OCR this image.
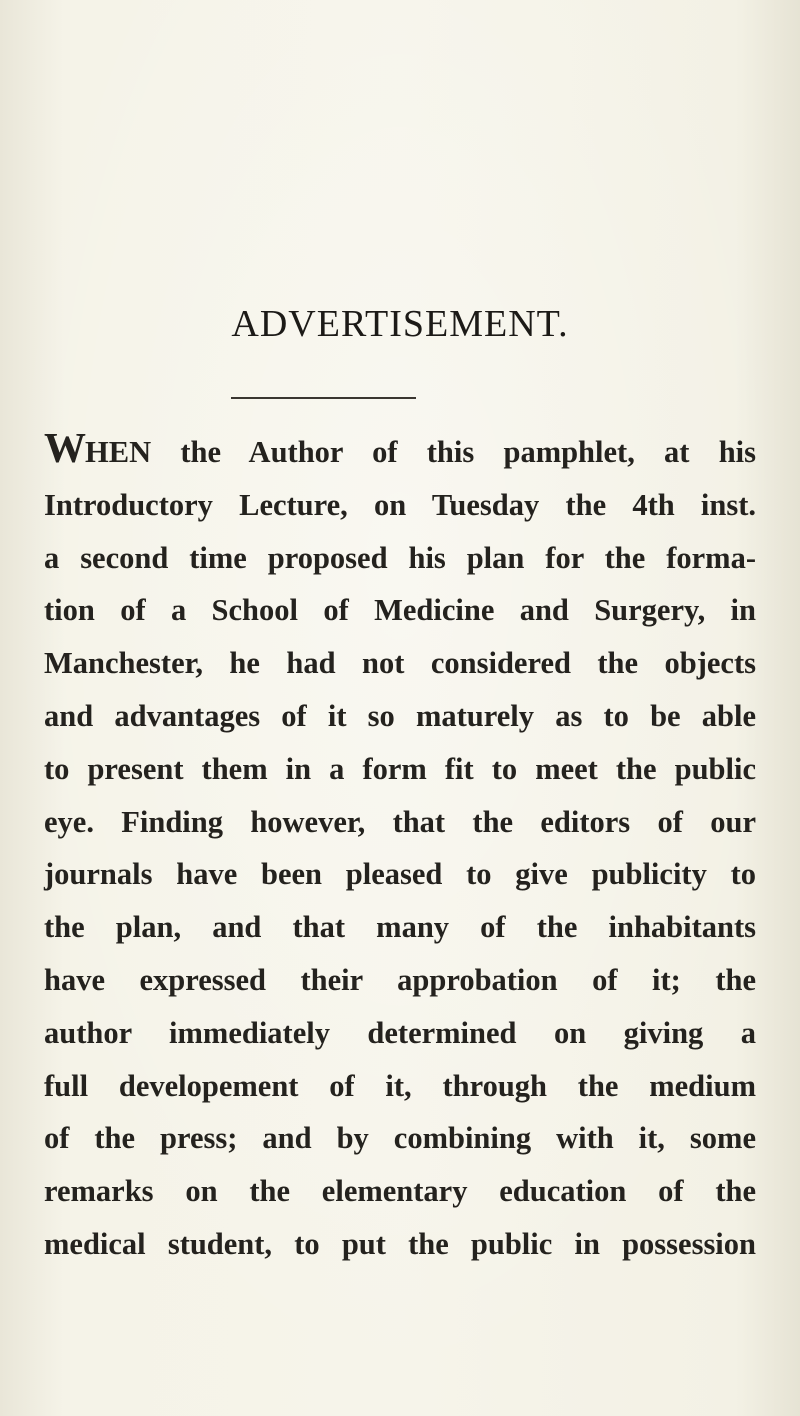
ADVERTISEMENT.
WHEN the Author of this pamphlet, at his
Introductory Lecture, on Tuesday the 4th inst.
a second time proposed his plan for the forma-
tion of a School of Medicine and Surgery, in
Manchester, he had not considered the objects
and advantages of it so maturely as to be able
to present them in a form fit to meet the public
eye. Finding however, that the editors of our
journals have been pleased to give publicity to
the plan, and that many of the inhabitants
have expressed their approbation of it; the
author immediately determined on giving a
full developement of it, through the medium
of the press; and by combining with it, some
remarks on the elementary education of the
medical student, to put the public in possession
